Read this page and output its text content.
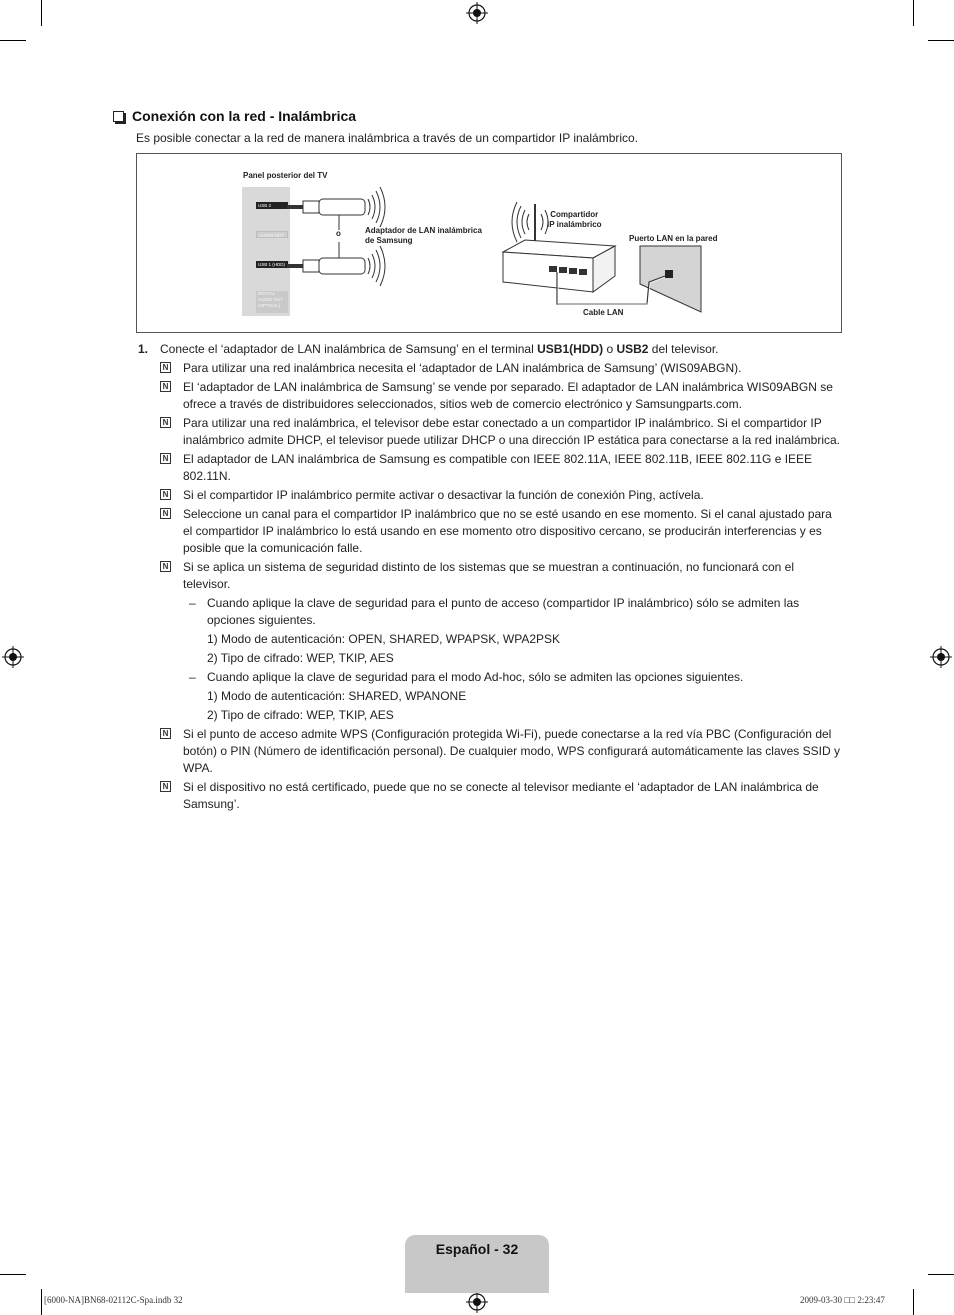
Conexión con la red - Inalámbrica
Es posible conectar a la red de manera inalámbrica a través de un compartidor IP inalámbrico.
Panel posterior del TV
USB 2
AUDIO OUT
USB 1 (HDD)
DIGITAL
AUDIO OUT
(OPTICAL)
o	Adaptador de LAN inalámbrica
de Samsung
Compartidor
IP inalámbrico
Puerto LAN en la pared
Cable LAN
1. Conecte el ‘adaptador de LAN inalámbrica de Samsung’ en el terminal USB1(HDD) o USB2 del televisor.
N Para utilizar una red inalámbrica necesita el ‘adaptador de LAN inalámbrica de Samsung’ (WIS09ABGN).
N El ‘adaptador de LAN inalámbrica de Samsung’ se vende por separado. El adaptador de LAN inalámbrica WIS09ABGN se ofrece a través de distribuidores seleccionados, sitios web de comercio electrónico y Samsungparts.com.
N Para utilizar una red inalámbrica, el televisor debe estar conectado a un compartidor IP inalámbrico. Si el compartidor IP inalámbrico admite DHCP, el televisor puede utilizar DHCP o una dirección IP estática para conectarse a la red inalámbrica.
N El adaptador de LAN inalámbrica de Samsung es compatible con IEEE 802.11A, IEEE 802.11B, IEEE 802.11G e IEEE 802.11N.
N Si el compartidor IP inalámbrico permite activar o desactivar la función de conexión Ping, actívela.
N Seleccione un canal para el compartidor IP inalámbrico que no se esté usando en ese momento. Si el canal ajustado para el compartidor IP inalámbrico lo está usando en ese momento otro dispositivo cercano, se producirán interferencias y es posible que la comunicación falle.
N Si se aplica un sistema de seguridad distinto de los sistemas que se muestran a continuación, no funcionará con el televisor.
– Cuando aplique la clave de seguridad para el punto de acceso (compartidor IP inalámbrico) sólo se admiten las opciones siguientes.
1) Modo de autenticación: OPEN, SHARED, WPAPSK, WPA2PSK
2) Tipo de cifrado: WEP, TKIP, AES
– Cuando aplique la clave de seguridad para el modo Ad-hoc, sólo se admiten las opciones siguientes.
1) Modo de autenticación: SHARED, WPANONE
2) Tipo de cifrado: WEP, TKIP, AES
N Si el punto de acceso admite WPS (Configuración protegida Wi-Fi), puede conectarse a la red vía PBC (Configuración del botón) o PIN (Número de identificación personal). De cualquier modo, WPS configurará automáticamente las claves SSID y WPA.
N Si el dispositivo no está certificado, puede que no se conecte al televisor mediante el ‘adaptador de LAN inalámbrica de Samsung’.
Español - 32
[6000-NA]BN68-02112C-Spa.indb 32	2009-03-30 □□ 2:23:47
